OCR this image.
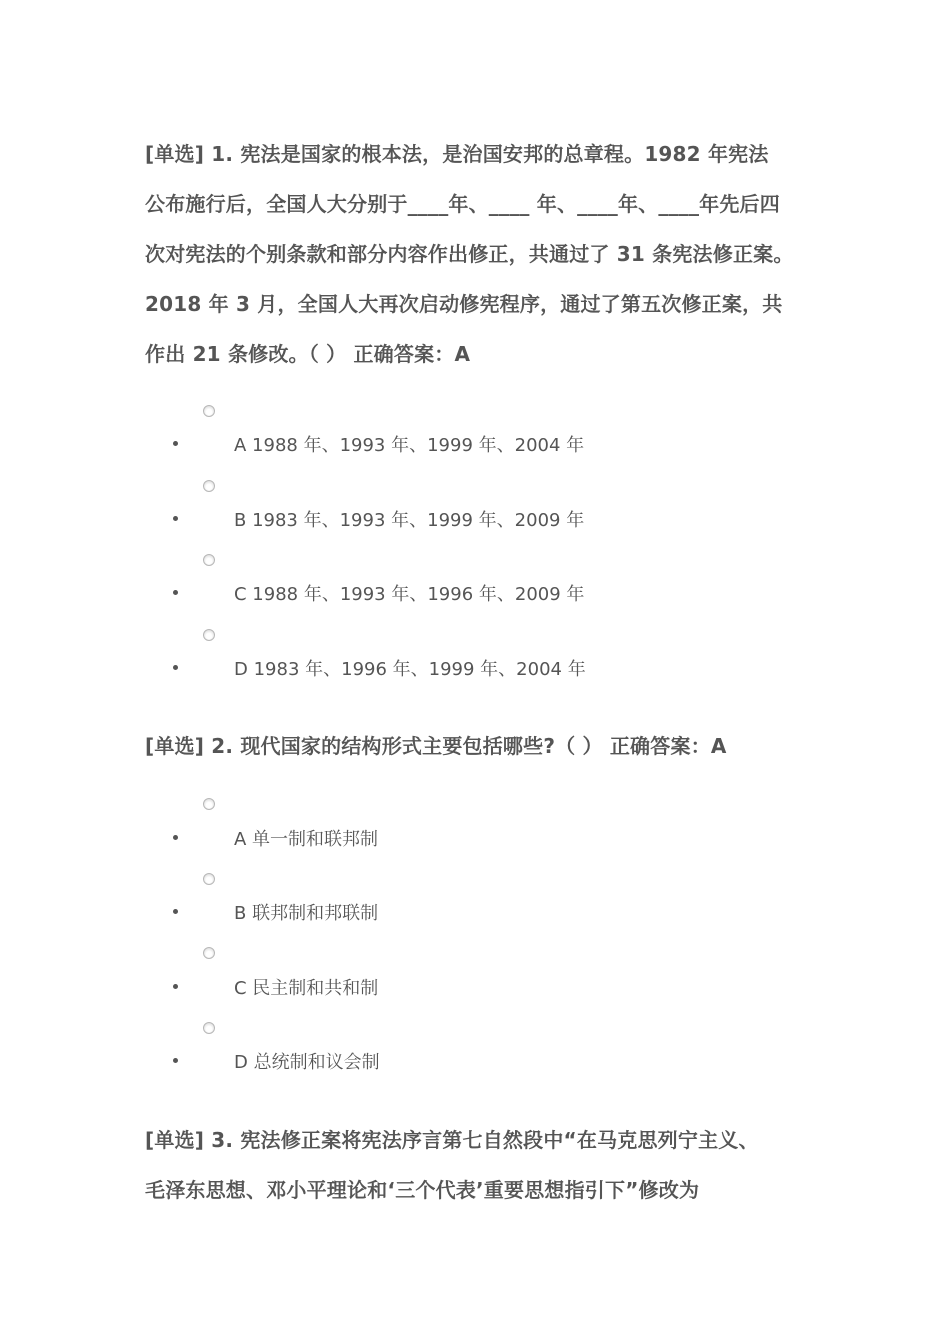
[单选] 1. 宪法是国家的根本法，是治国安邦的总章程。1982 年宪法
公布施行后，全国人大分别于____年、____ 年、____年、____年先后四
次对宪法的个别条款和部分内容作出修正，共通过了 31 条宪法修正案。
2018 年 3 月，全国人大再次启动修宪程序，通过了第五次修正案，共
作出 21 条修改。（ ） 正确答案：A
A 1988 年、1993 年、1999 年、2004 年
B 1983 年、1993 年、1999 年、2009 年
C 1988 年、1993 年、1996 年、2009 年
D 1983 年、1996 年、1999 年、2004 年
[单选] 2. 现代国家的结构形式主要包括哪些?（ ） 正确答案：A
A 单一制和联邦制
B 联邦制和邦联制
C 民主制和共和制
D 总统制和议会制
[单选] 3. 宪法修正案将宪法序言第七自然段中“在马克思列宁主义、
毛泽东思想、邓小平理论和‘三个代表’重要思想指引下”修改为
